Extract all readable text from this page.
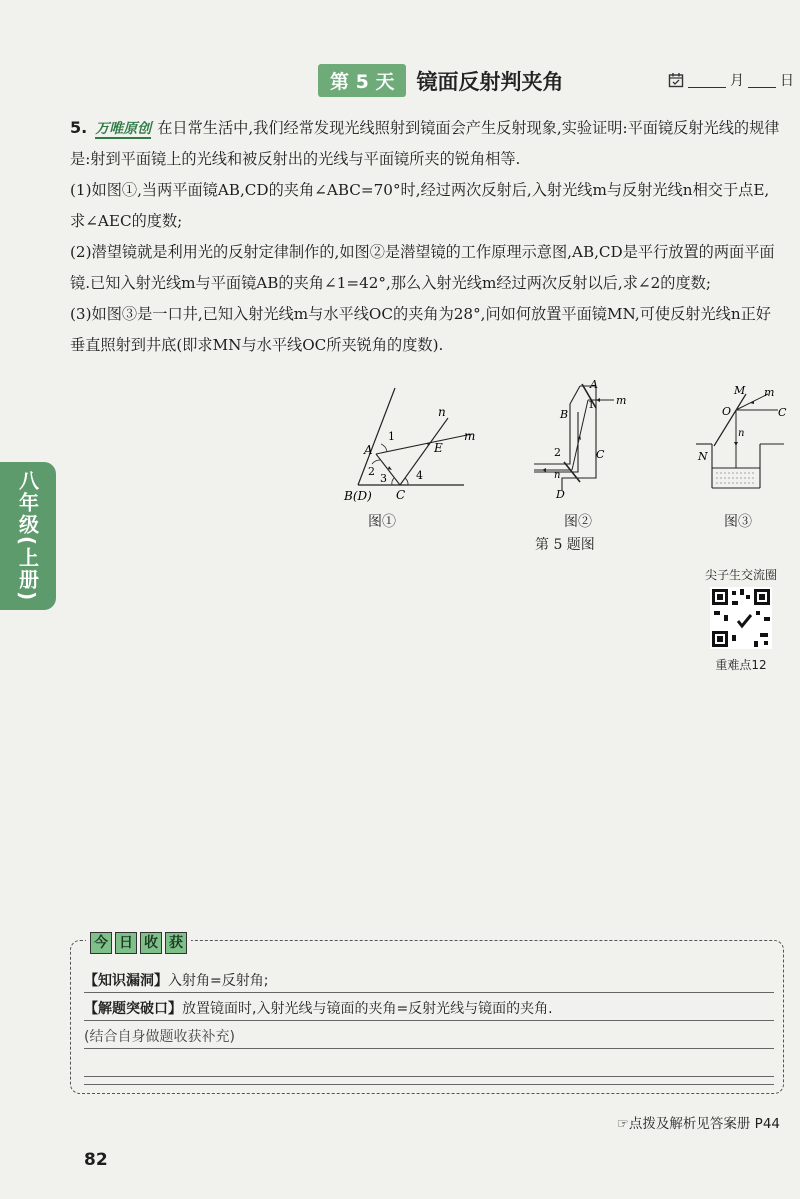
八年级(上册)
第 5 天	镜面反射判夹角	月	日

5. 万唯原创 在日常生活中,我们经常发现光线照射到镜面会产生反射现象,实验证明:平面镜反射光线的规律是:射到平面镜上的光线和被反射出的光线与平面镜所夹的锐角相等.

(1)如图①,当两平面镜AB,CD的夹角∠ABC=70°时,经过两次反射后,入射光线m与反射光线n相交于点E,求∠AEC的度数;

(2)潜望镜就是利用光的反射定律制作的,如图②是潜望镜的工作原理示意图,AB,CD是平行放置的两面平面镜.已知入射光线m与平面镜AB的夹角∠1=42°,那么入射光线m经过两次反射以后,求∠2的度数;

(3)如图③是一口井,已知入射光线m与水平线OC的夹角为28°,问如何放置平面镜MN,可使反射光线n正好垂直照射到井底(即求MN与水平线OC所夹锐角的度数).

A
1
2
3	4
B(D) C
E
m
n
图①
A
B
1 m
2	C
n
D
图②
M m
O	C
n
N
图③
第 5 题图
尖子生交流圈
重难点12
今 日 收 获
【知识漏洞】入射角=反射角;
【解题突破口】放置镜面时,入射光线与镜面的夹角=反射光线与镜面的夹角.
(结合自身做题收获补充)
☞点拨及解析见答案册 P44
82
